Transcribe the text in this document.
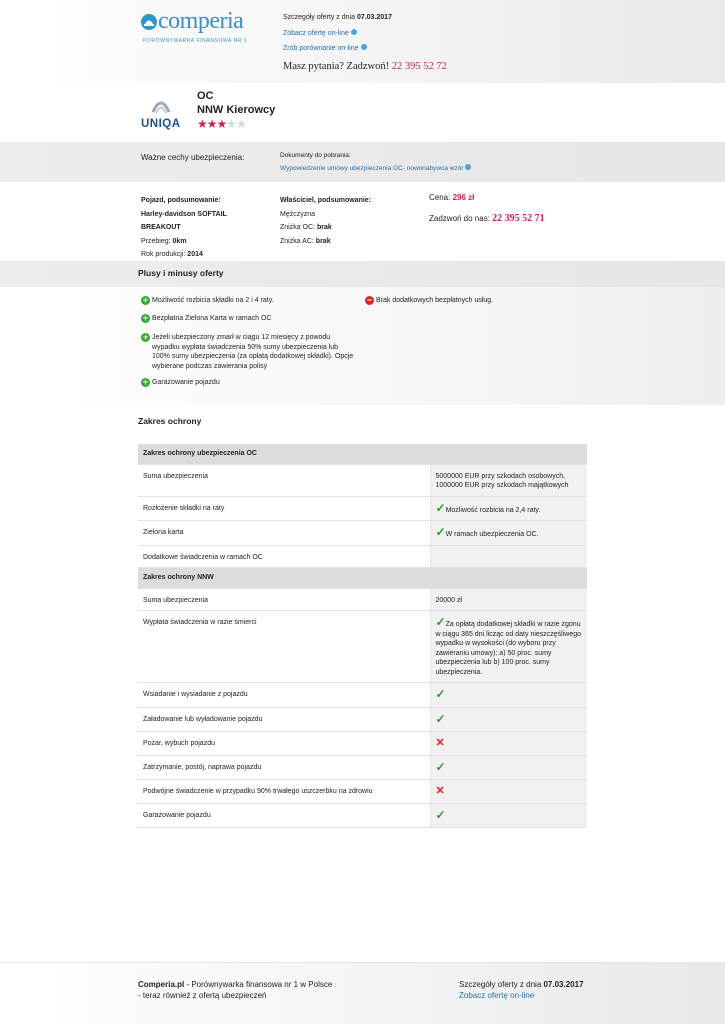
comperia
PORÓWNYWARKA FINANSOWA NR 1
Szczegóły oferty z dnia 07.03.2017
Zobacz ofertę on-line
Zrób porównanie on-line
Masz pytania? Zadzwoń! 22 395 52 72
UNIQA
OC
NNW Kierowcy
★★★★★
Ważne cechy ubezpieczenia:	Dokumenty do pobrania:
Wypowiedzenie umowy ubezpieczenia OC- nowonabywca wzór
Pojazd, podsumowanie:
Harley-davidson SOFTAIL
BREAKOUT
Przebieg: 0km
Rok produkcji: 2014
Właściciel, podsumowanie:
Mężczyzna
Zniżka OC: brak
Zniżka AC: brak
Cena: 296 zł
Zadzwoń do nas: 22 395 52 71
Plusy i minusy oferty
+ Możliwość rozbicia składki na 2 i 4 raty.
+ Bezpłatna Zielona Karta w ramach OC
+ Jeżeli ubezpieczony zmarł w ciągu 12 miesięcy z powodu wypadku wypłata świadczenia 50% sumy ubezpieczenia lub 100% sumy ubezpieczenia (za opłatą dodatkowej składki). Opcje wybierane podczas zawierania polisy
+ Garażowanie pojazdu
− Brak dodatkowych bezpłatnych usług.
Zakres ochrony
Zakres ochrony ubezpieczenia OC	
Suma ubezpieczenia	5000000 EUR przy szkodach osobowych, 1000000 EUR przy szkodach majątkowych
Rozłożenie składki na raty	✓Możliwość rozbicia na 2,4 raty.
Zielona karta	✓W ramach ubezpieczenia OC.
Dodatkowe świadczenia w ramach OC	
Zakres ochrony NNW	
Suma ubezpieczenia	20000 zł
Wypłata świadczenia w razie śmierci	✓Za opłatą dodatkowej składki w razie zgonu w ciągu 365 dni licząc od daty nieszczęśliwego wypadku w wysokości (do wyboru przy zawieraniu umowy): a) 50 proc. sumy ubezpieczenia lub b) 100 proc. sumy ubezpieczenia.
Wsiadanie i wysiadanie z pojazdu	✓
Załadowanie lub wyładowanie pojazdu	✓
Pożar, wybuch pojazdu	✕
Zatrzymanie, postój, naprawa pojazdu	✓
Podwójne świadczenie w przypadku 90% trwałego uszczerbku na zdrowiu	✕
Garażowanie pojazdu	✓
Comperia.pl - Porównywarka finansowa nr 1 w Polsce
- teraz również z ofertą ubezpieczeń
Szczegóły oferty z dnia 07.03.2017
Zobacz ofertę on-line
